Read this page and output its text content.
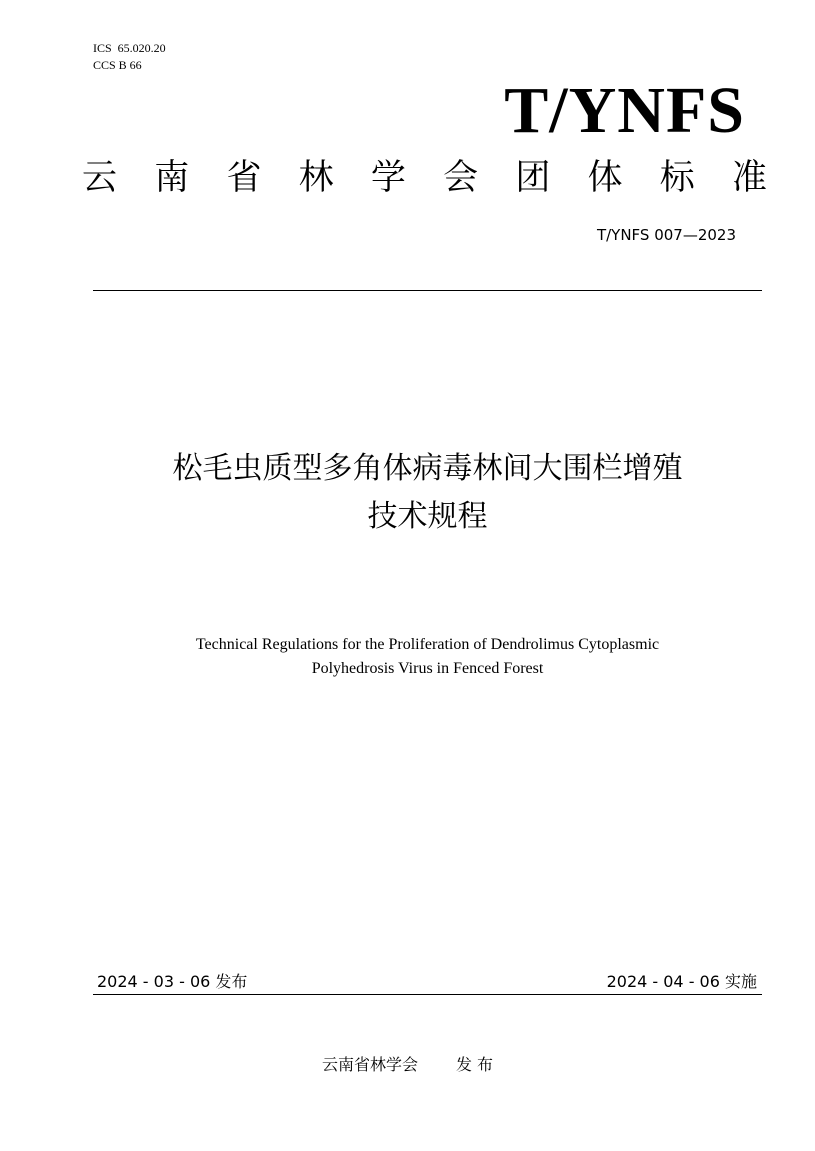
ICS  65.020.20
CCS B 66
T/YNFS
云 南 省 林 学 会 团 体 标 准
T/YNFS 007—2023
松毛虫质型多角体病毒林间大围栏增殖
技术规程
Technical Regulations for the Proliferation of Dendrolimus Cytoplasmic
Polyhedrosis Virus in Fenced Forest
2024 - 03 - 06 发布	2024 - 04 - 06 实施
云南省林学会 发 布
